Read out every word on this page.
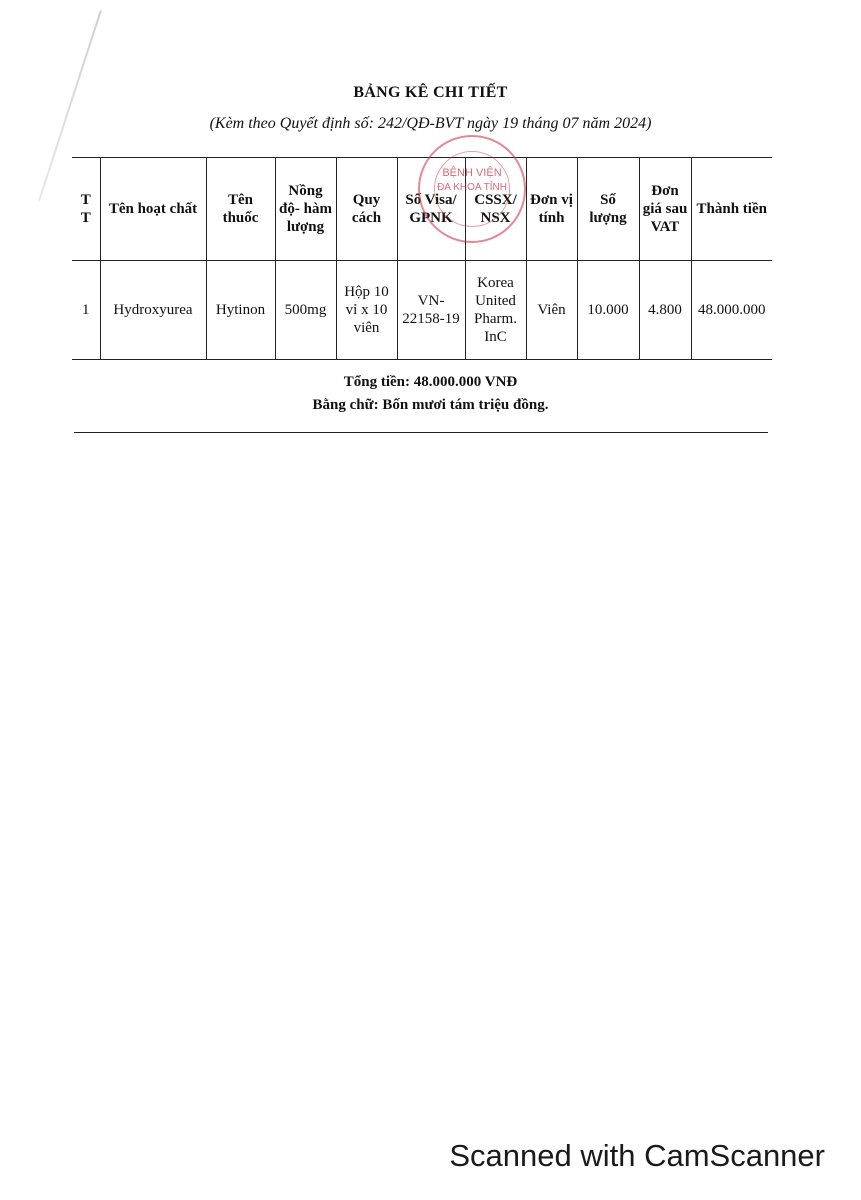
BẢNG KÊ CHI TIẾT
(Kèm theo Quyết định số: 242/QĐ-BVT ngày 19 tháng 07 năm 2024)
T T	Tên hoạt chất	Tên thuốc	Nồng độ- hàm lượng	Quy cách	Số Visa/ GPNK	CSSX/ NSX	Đơn vị tính	Số lượng	Đơn giá sau VAT	Thành tiền
1	Hydroxyurea	Hytinon	500mg	Hộp 10 vỉ x 10 viên	VN-22158-19	Korea United Pharm. InC	Viên	10.000	4.800	48.000.000
BỆNH VIỆN
ĐA KHOA TỈNH
Tổng tiền: 48.000.000 VNĐ
Bằng chữ: Bốn mươi tám triệu đồng.
Scanned with CamScanner
